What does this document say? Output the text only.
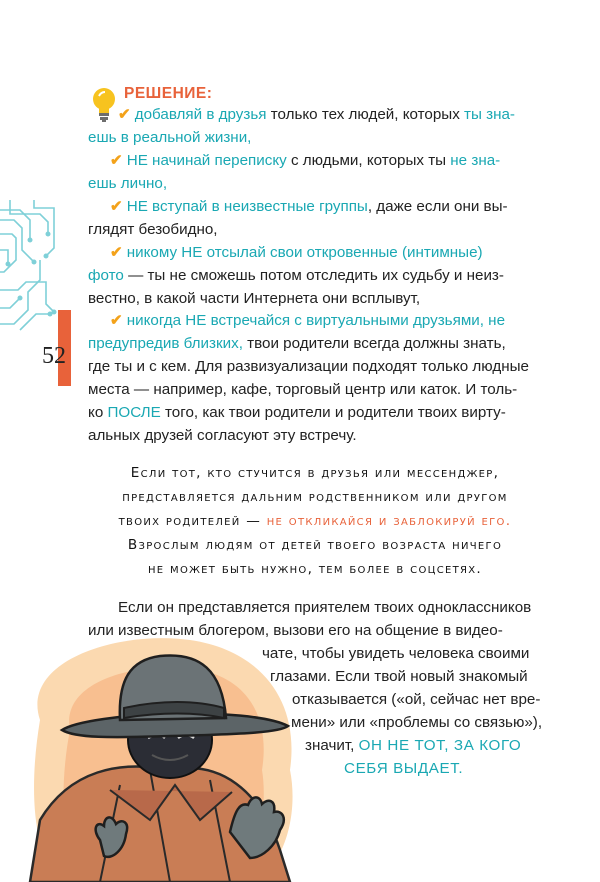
52
РЕШЕНИЕ:
✔ добавляй в друзья только тех людей, которых ты зна-
ешь в реальной жизни,
✔ НЕ начинай переписку с людьми, которых ты не зна-
ешь лично,
✔ НЕ вступай в неизвестные группы, даже если они вы-
глядят безобидно,
✔ никому НЕ отсылай свои откровенные (интимные)
фото — ты не сможешь потом отследить их судьбу и неиз-
вестно, в какой части Интернета они всплывут,
✔ никогда НЕ встречайся с виртуальными друзьями, не
предупредив близких, твои родители всегда должны знать,
где ты и с кем. Для развизуализации подходят только людные
места — например, кафе, торговый центр или каток. И толь-
ко ПОСЛЕ того, как твои родители и родители твоих вирту-
альных друзей согласуют эту встречу.
Если тот, кто стучится в друзья или мессенджер,
представляется дальним родственником или другом
твоих родителей — не откликайся и заблокируй его.
Взрослым людям от детей твоего возраста ничего
не может быть нужно, тем более в соцсетях.
Если он представляется приятелем твоих одноклассников
или известным блогером, вызови его на общение в видео-
чате, чтобы увидеть человека своими
глазами. Если твой новый знакомый
отказывается («ой, сейчас нет вре-
мени» или «проблемы со связью»),
значит, ОН НЕ ТОТ, ЗА КОГО
СЕБЯ ВЫДАЕТ.
